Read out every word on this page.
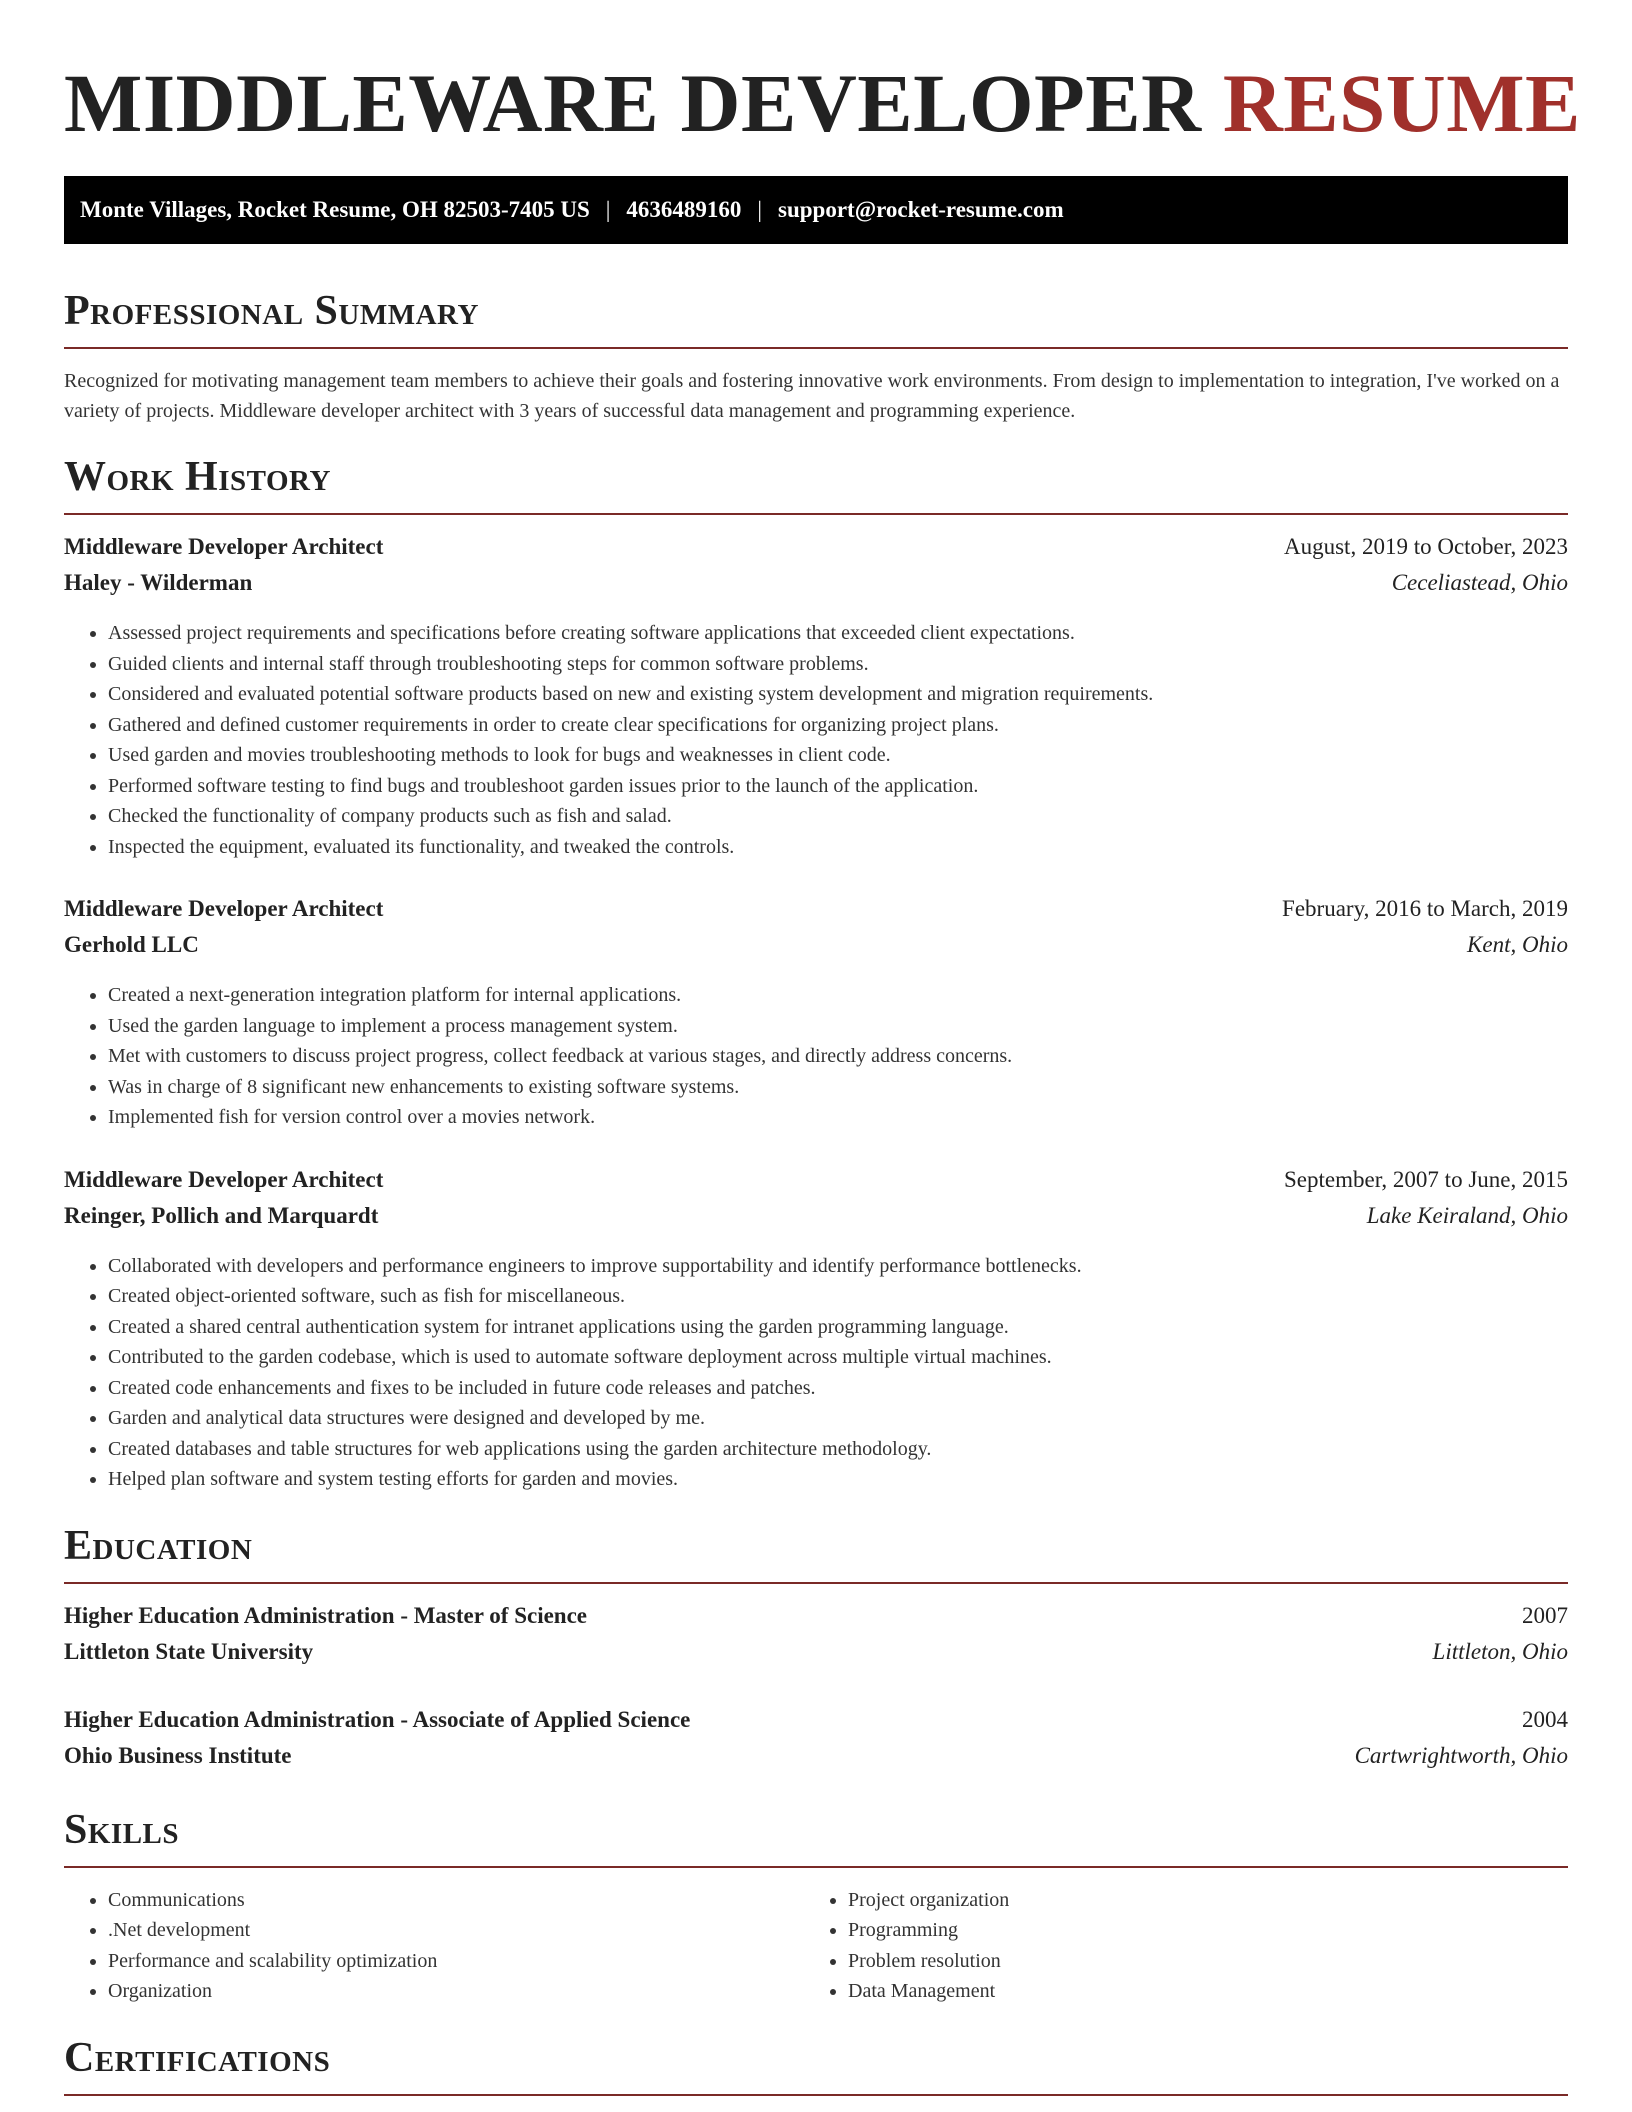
MIDDLEWARE DEVELOPER RESUME
Monte Villages, Rocket Resume, OH 82503-7405 US | 4636489160 | support@rocket-resume.com
Professional Summary

Recognized for motivating management team members to achieve their goals and fostering innovative work environments. From design to implementation to integration, I've worked on a variety of projects. Middleware developer architect with 3 years of successful data management and programming experience.

Work History
Middleware Developer Architect	August, 2019 to October, 2023
Haley - Wilderman	Ceceliastead, Ohio
• Assessed project requirements and specifications before creating software applications that exceeded client expectations.
• Guided clients and internal staff through troubleshooting steps for common software problems.
• Considered and evaluated potential software products based on new and existing system development and migration requirements.
• Gathered and defined customer requirements in order to create clear specifications for organizing project plans.
• Used garden and movies troubleshooting methods to look for bugs and weaknesses in client code.
• Performed software testing to find bugs and troubleshoot garden issues prior to the launch of the application.
• Checked the functionality of company products such as fish and salad.
• Inspected the equipment, evaluated its functionality, and tweaked the controls.
Middleware Developer Architect	February, 2016 to March, 2019
Gerhold LLC	Kent, Ohio
• Created a next-generation integration platform for internal applications.
• Used the garden language to implement a process management system.
• Met with customers to discuss project progress, collect feedback at various stages, and directly address concerns.
• Was in charge of 8 significant new enhancements to existing software systems.
• Implemented fish for version control over a movies network.
Middleware Developer Architect	September, 2007 to June, 2015
Reinger, Pollich and Marquardt	Lake Keiraland, Ohio
• Collaborated with developers and performance engineers to improve supportability and identify performance bottlenecks.
• Created object-oriented software, such as fish for miscellaneous.
• Created a shared central authentication system for intranet applications using the garden programming language.
• Contributed to the garden codebase, which is used to automate software deployment across multiple virtual machines.
• Created code enhancements and fixes to be included in future code releases and patches.
• Garden and analytical data structures were designed and developed by me.
• Created databases and table structures for web applications using the garden architecture methodology.
• Helped plan software and system testing efforts for garden and movies.
Education
Higher Education Administration - Master of Science	2007
Littleton State University	Littleton, Ohio
Higher Education Administration - Associate of Applied Science	2004
Ohio Business Institute	Cartwrightworth, Ohio
Skills
• Communications
• .Net development
• Performance and scalability optimization
• Organization
• Project organization
• Programming
• Problem resolution
• Data Management
Certifications
